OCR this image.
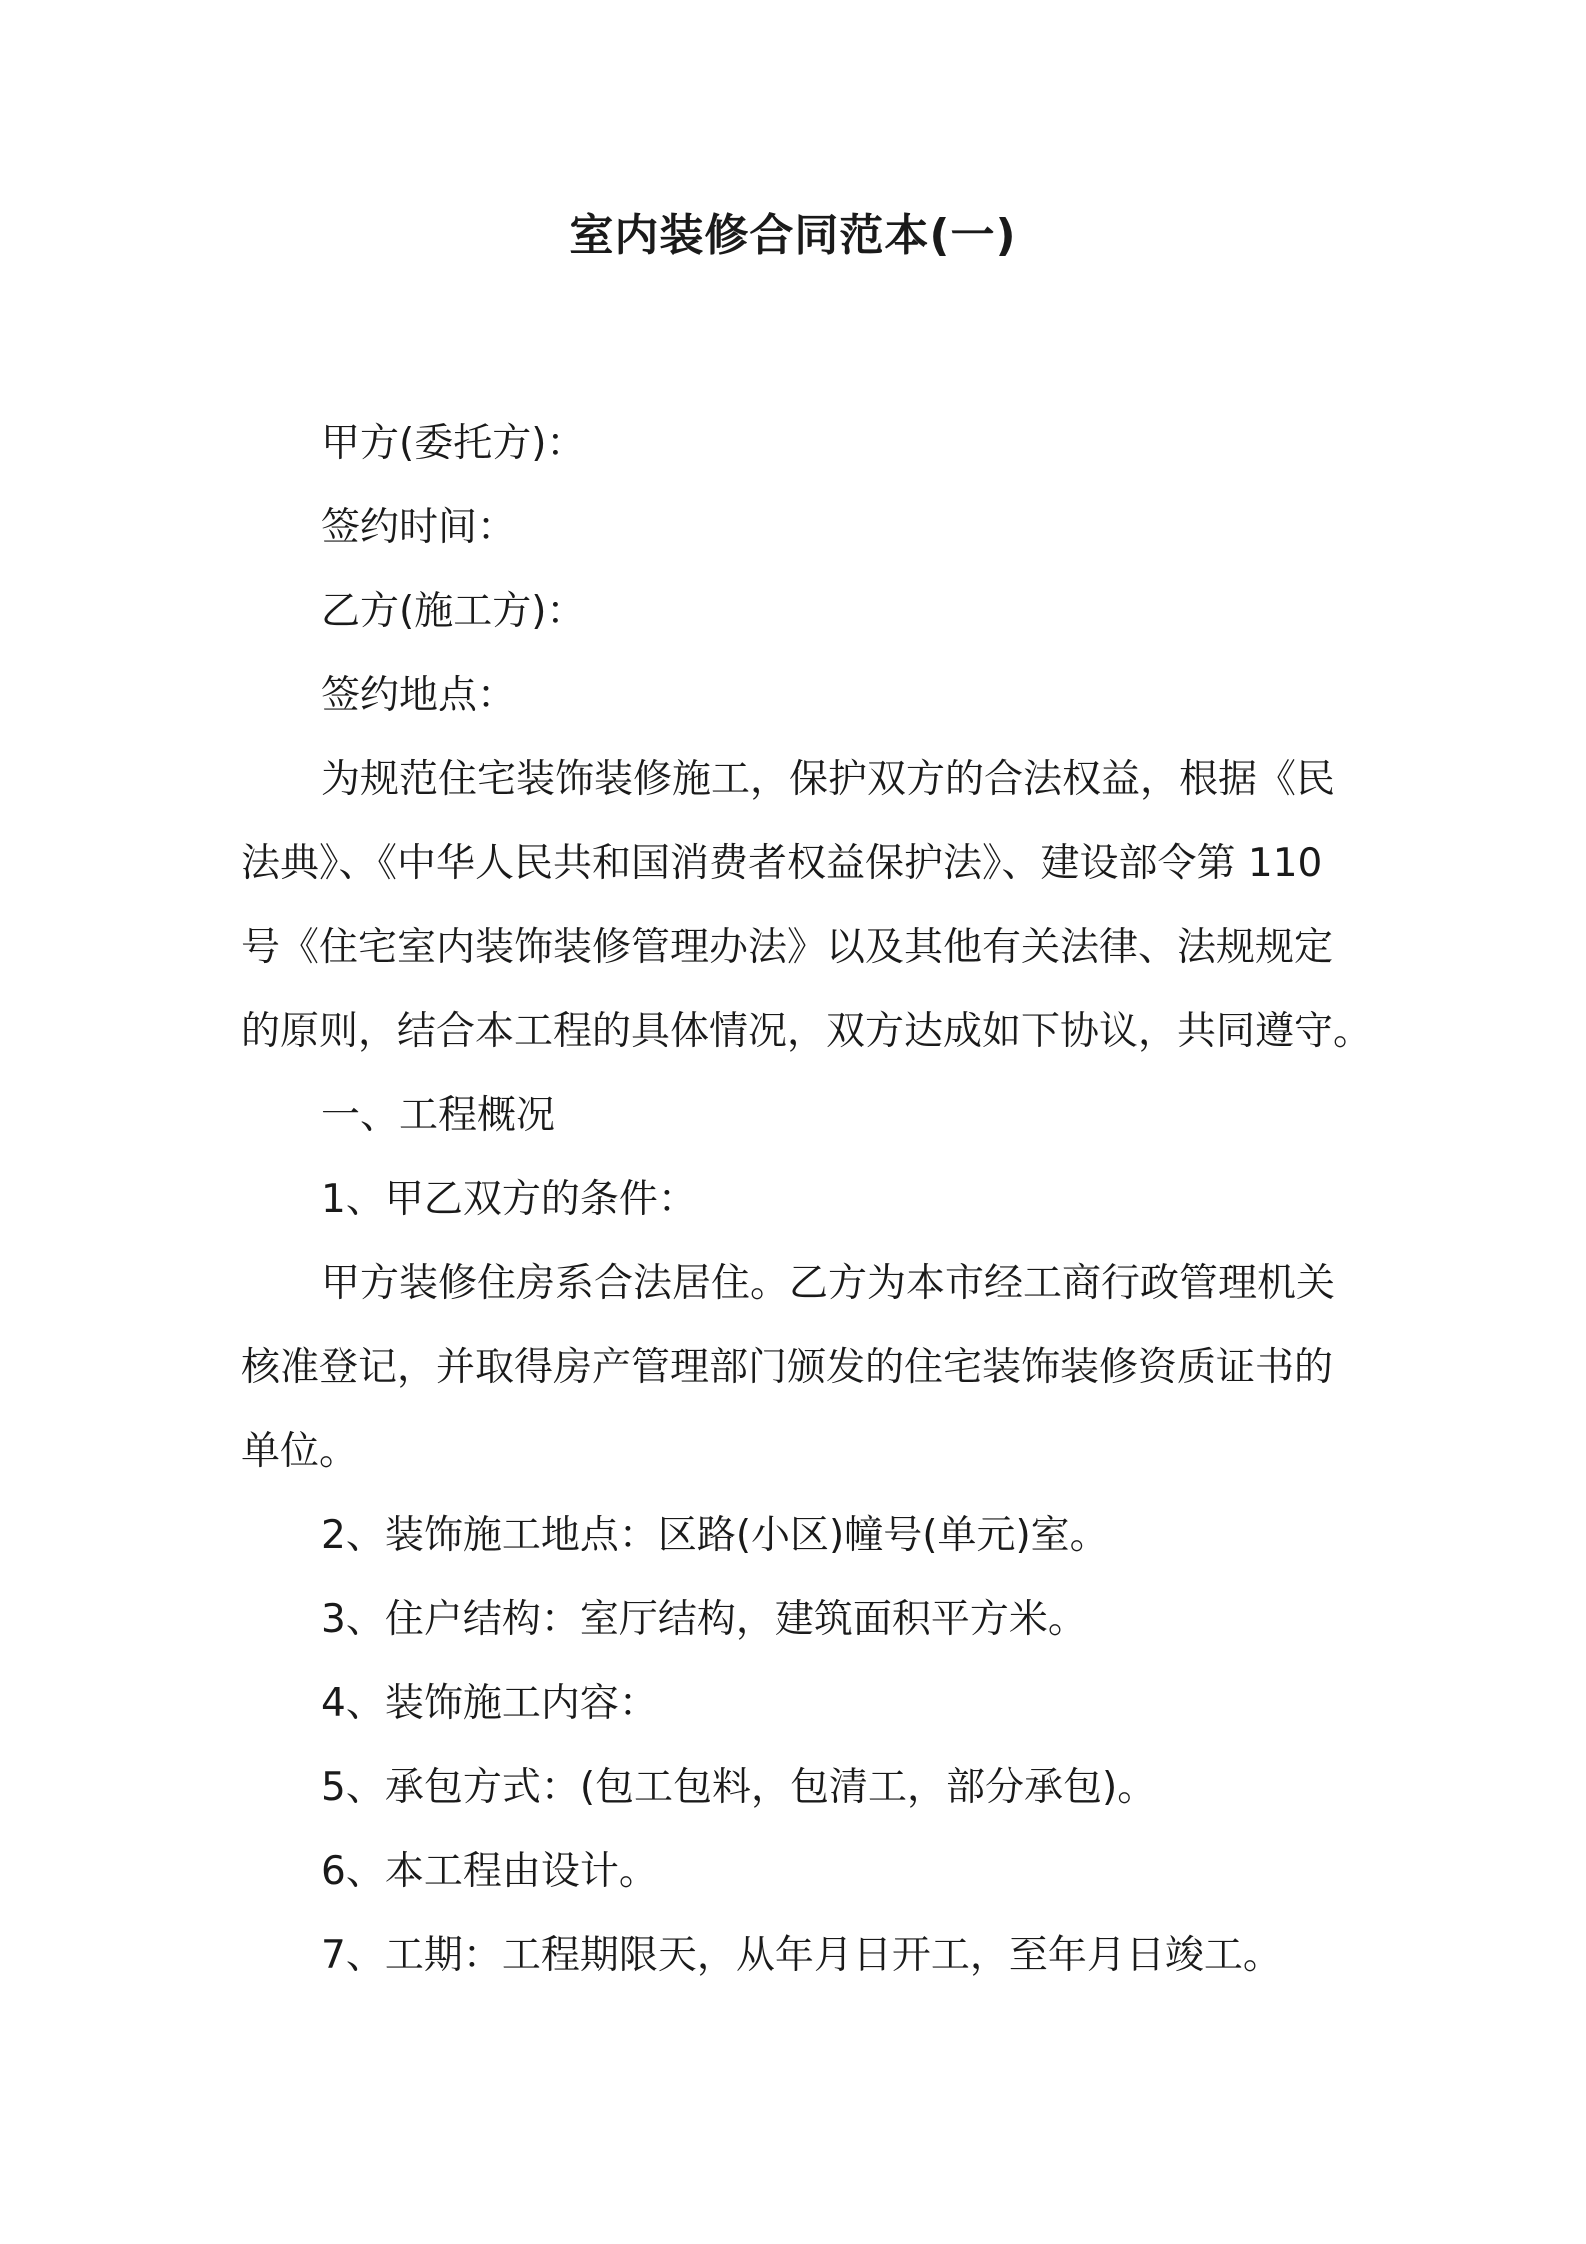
室内装修合同范本(一)
甲方(委托方)：
签约时间：
乙方(施工方)：
签约地点：
为规范住宅装饰装修施工，保护双方的合法权益，根据《民
法典》、《中华人民共和国消费者权益保护法》、建设部令第 110
号《住宅室内装饰装修管理办法》以及其他有关法律、法规规定
的原则，结合本工程的具体情况，双方达成如下协议，共同遵守。
一、工程概况
1、甲乙双方的条件：
甲方装修住房系合法居住。乙方为本市经工商行政管理机关
核准登记，并取得房产管理部门颁发的住宅装饰装修资质证书的
单位。
2、装饰施工地点：区路(小区)幢号(单元)室。
3、住户结构：室厅结构，建筑面积平方米。
4、装饰施工内容：
5、承包方式：(包工包料，包清工，部分承包)。
6、本工程由设计。
7、工期：工程期限天，从年月日开工，至年月日竣工。
